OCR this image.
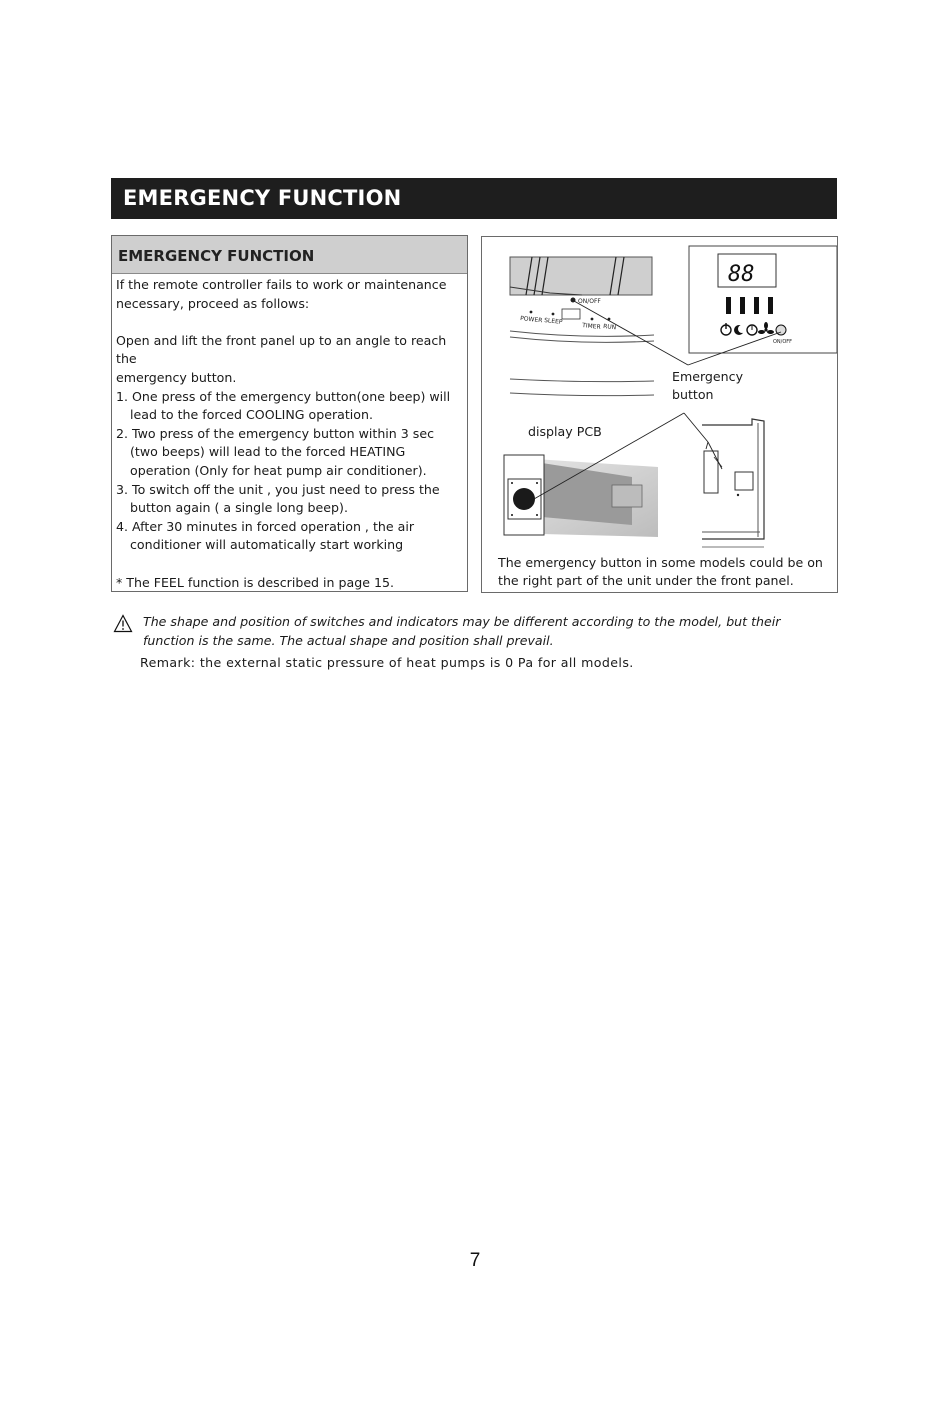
EMERGENCY FUNCTION
EMERGENCY FUNCTION

If the remote controller fails to work or maintenance

necessary, proceed as follows:

Open and lift the front panel up to an angle to reach the

emergency button.

1. One press of the emergency button(one beep) will lead to the forced COOLING operation.

2. Two press of the emergency button within 3 sec (two beeps) will lead to the forced HEATING operation (Only for heat pump air conditioner).

3. To switch off the unit , you just need to press the button again ( a single long beep).

4. After 30 minutes in forced operation , the air conditioner will automatically start working

* The FEEL function is described in page 15.

ON/OFF
POWER SLEEP
TIMER RUN
88
ON/OFF
Emergency
button
display PCB
The emergency button in some models could be on the right part of the unit under the front panel.
The shape and position of switches and indicators may be different according to the model, but their
function is the same. The actual shape and position shall prevail.
Remark: the external static pressure of heat pumps is 0 Pa for all models.
7
